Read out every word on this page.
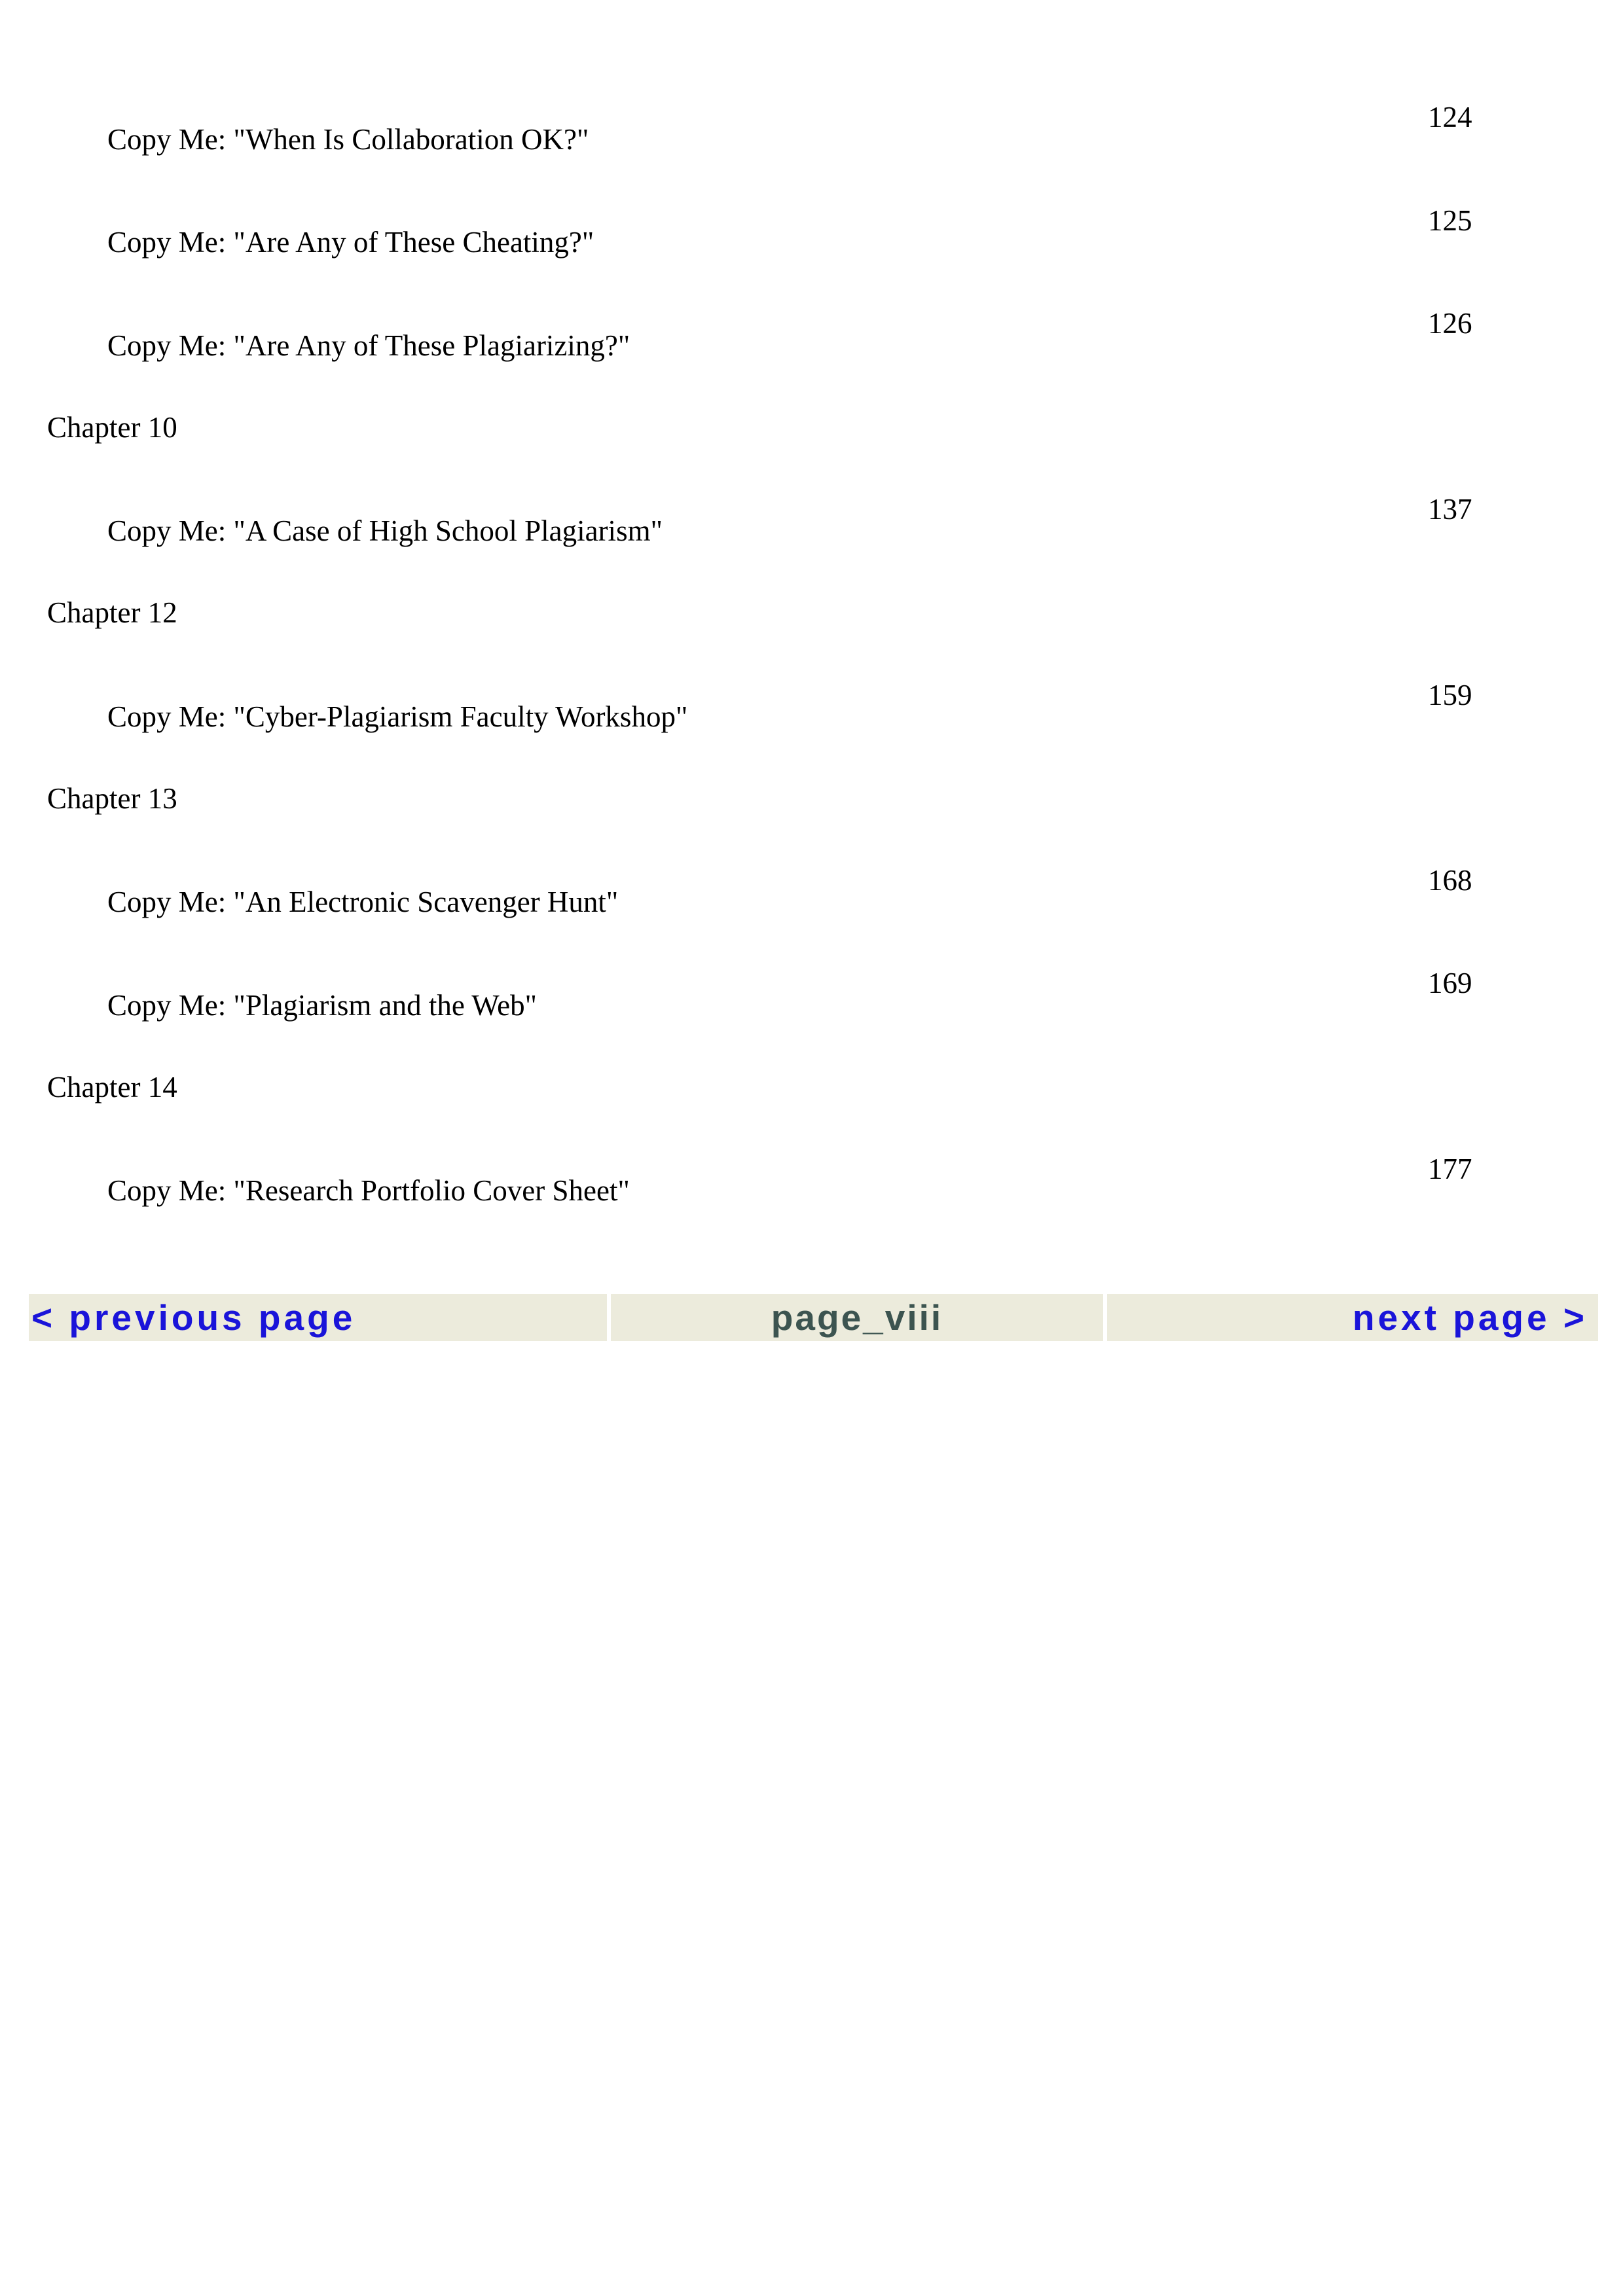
124
Copy Me: "When Is Collaboration OK?"
125
Copy Me: "Are Any of These Cheating?"
126
Copy Me: "Are Any of These Plagiarizing?"
Chapter 10
137
Copy Me: "A Case of High School Plagiarism"
Chapter 12
159
Copy Me: "Cyber-Plagiarism Faculty Workshop"
Chapter 13
168
Copy Me: "An Electronic Scavenger Hunt"
169
Copy Me: "Plagiarism and the Web"
Chapter 14
177
Copy Me: "Research Portfolio Cover Sheet"
< previous page	page_viii	next page >
